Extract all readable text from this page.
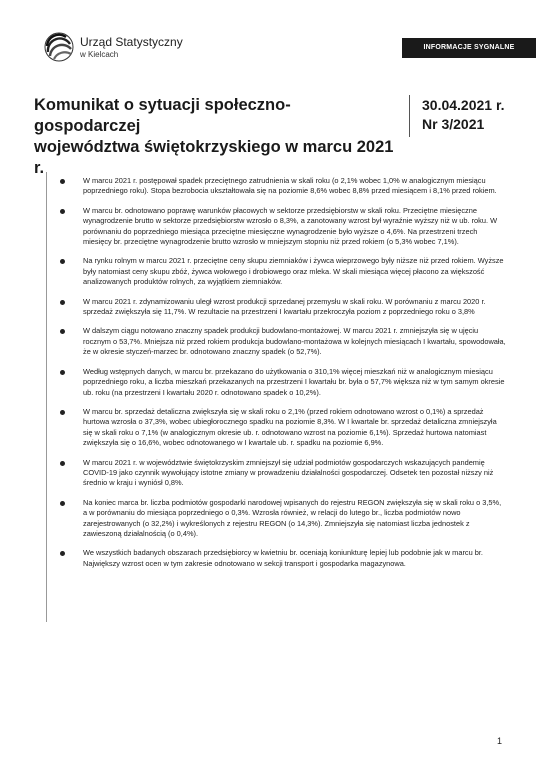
Urząd Statystyczny
w Kielcach
INFORMACJE SYGNALNE
Komunikat o sytuacji społeczno-gospodarczej
województwa świętokrzyskiego w marcu 2021 r.
30.04.2021 r.
Nr 3/2021
W marcu 2021 r. postępował spadek przeciętnego zatrudnienia w skali roku (o 2,1% wobec 1,0% w analogicznym miesiącu poprzedniego roku). Stopa bezrobocia ukształtowała się na poziomie 8,6% wobec 8,8% przed miesiącem i 8,1% przed rokiem.
W marcu br. odnotowano poprawę warunków płacowych w sektorze przedsiębiorstw w skali roku. Przeciętne miesięczne wynagrodzenie brutto w sektorze przedsiębiorstw wzrosło o 8,3%, a zanotowany wzrost był wyraźnie wyższy niż w ub. roku. W porównaniu do poprzedniego miesiąca przeciętne miesięczne wynagrodzenie było wyższe o 4,6%. Na przestrzeni trzech miesięcy br. przeciętne wynagrodzenie brutto wzrosło w mniejszym stopniu niż przed rokiem (o 5,3% wobec 7,1%).
Na rynku rolnym w marcu 2021 r. przeciętne ceny skupu ziemniaków i żywca wieprzowego były niższe niż przed rokiem. Wyższe były natomiast ceny skupu zbóż, żywca wołowego i drobiowego oraz mleka. W skali miesiąca więcej płacono za większość analizowanych produktów rolnych, za wyjątkiem ziemniaków.
W marcu 2021 r. zdynamizowaniu uległ wzrost produkcji sprzedanej przemysłu w skali roku. W porównaniu z marcu 2020 r. sprzedaż zwiększyła się 11,7%. W rezultacie na przestrzeni I kwartału przekroczyła poziom z poprzedniego roku o 3,8%
W dalszym ciągu notowano znaczny spadek produkcji budowlano-montażowej. W marcu 2021 r. zmniejszyła się w ujęciu rocznym o 53,7%. Mniejsza niż przed rokiem produkcja budowlano-montażowa w kolejnych miesiącach I kwartału, spowodowała, że w okresie styczeń-marzec br. odnotowano znaczny spadek (o 52,7%).
Według wstępnych danych, w marcu br. przekazano do użytkowania o 310,1% więcej mieszkań niż w analogicznym miesiącu poprzedniego roku, a liczba mieszkań przekazanych na przestrzeni I kwartału br. była o 57,7% większa niż w tym samym okresie ub. roku (na przestrzeni I kwartału 2020 r. odnotowano spadek o 10,2%).
W marcu br. sprzedaż detaliczna zwiększyła się w skali roku o 2,1% (przed rokiem odnotowano wzrost o 0,1%) a sprzedaż hurtowa wzrosła o 37,3%, wobec ubiegłorocznego spadku na poziomie 8,3%. W I kwartale br. sprzedaż detaliczna zmniejszyła się w skali roku o 7,1% (w analogicznym okresie ub. r. odnotowano wzrost na poziomie 6,1%). Sprzedaż hurtowa natomiast zwiększyła się o 16,6%, wobec odnotowanego w I kwartale ub. r. spadku na poziomie 6,9%.
W marcu 2021 r. w województwie świętokrzyskim zmniejszył się udział podmiotów gospodarczych wskazujących pandemię COVID-19 jako czynnik wywołujący istotne zmiany w prowadzeniu działalności gospodarczej. Odsetek ten pozostał niższy niż średnio w kraju i wyniósł 0,8%.
Na koniec marca br. liczba podmiotów gospodarki narodowej wpisanych do rejestru REGON zwiększyła się w skali roku o 3,5%, a w porównaniu do miesiąca poprzedniego o 0,3%. Wzrosła również, w relacji do lutego br., liczba podmiotów nowo zarejestrowanych (o 32,2%) i wykreślonych z rejestru REGON (o 14,3%). Zmniejszyła się natomiast liczba jednostek z zawieszoną działalnością (o 0,4%).
We wszystkich badanych obszarach przedsiębiorcy w kwietniu br. oceniają koniunkturę lepiej lub podobnie jak w marcu br. Największy wzrost ocen w tym zakresie odnotowano w sekcji transport i gospodarka magazynowa.
1
